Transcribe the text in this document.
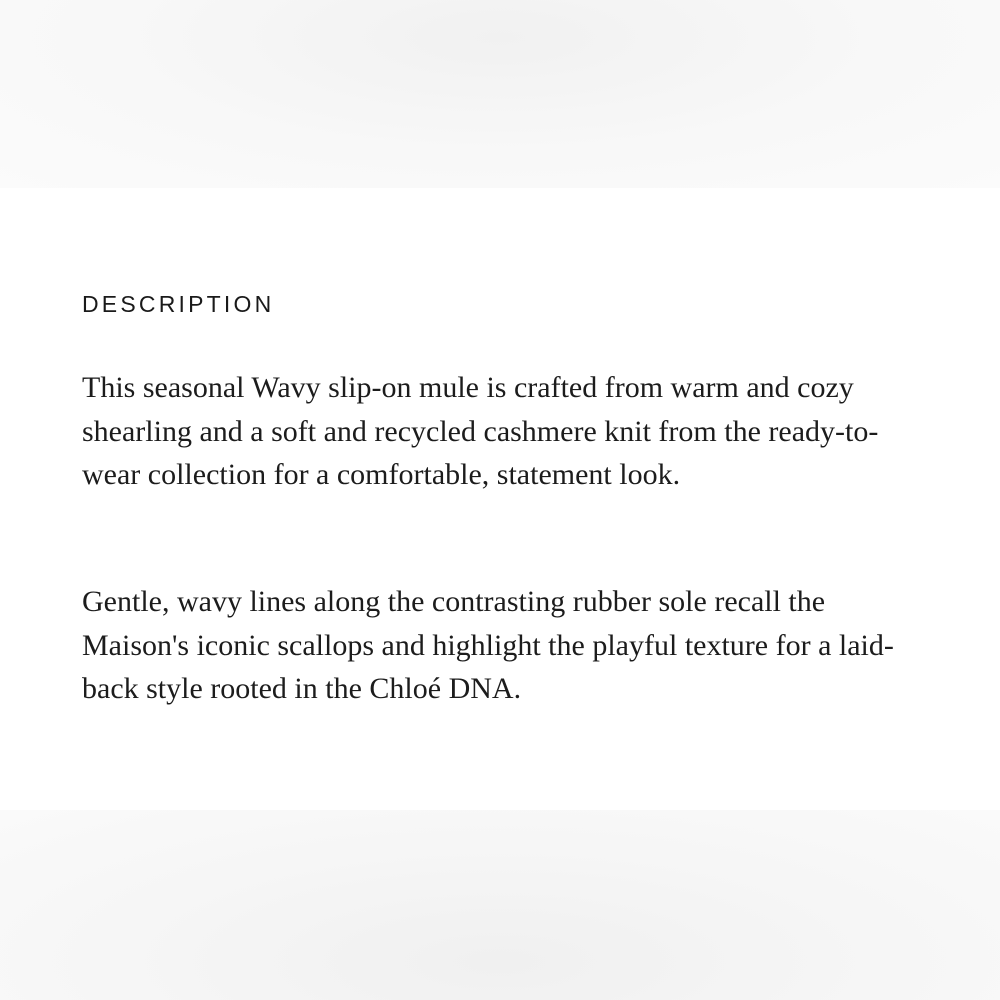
DESCRIPTION

This seasonal Wavy slip-on mule is crafted from warm and cozy shearling and a soft and recycled cashmere knit from the ready-to-wear collection for a comfortable, statement look.

Gentle, wavy lines along the contrasting rubber sole recall the Maison's iconic scallops and highlight the playful texture for a laid-back style rooted in the Chloé DNA.
